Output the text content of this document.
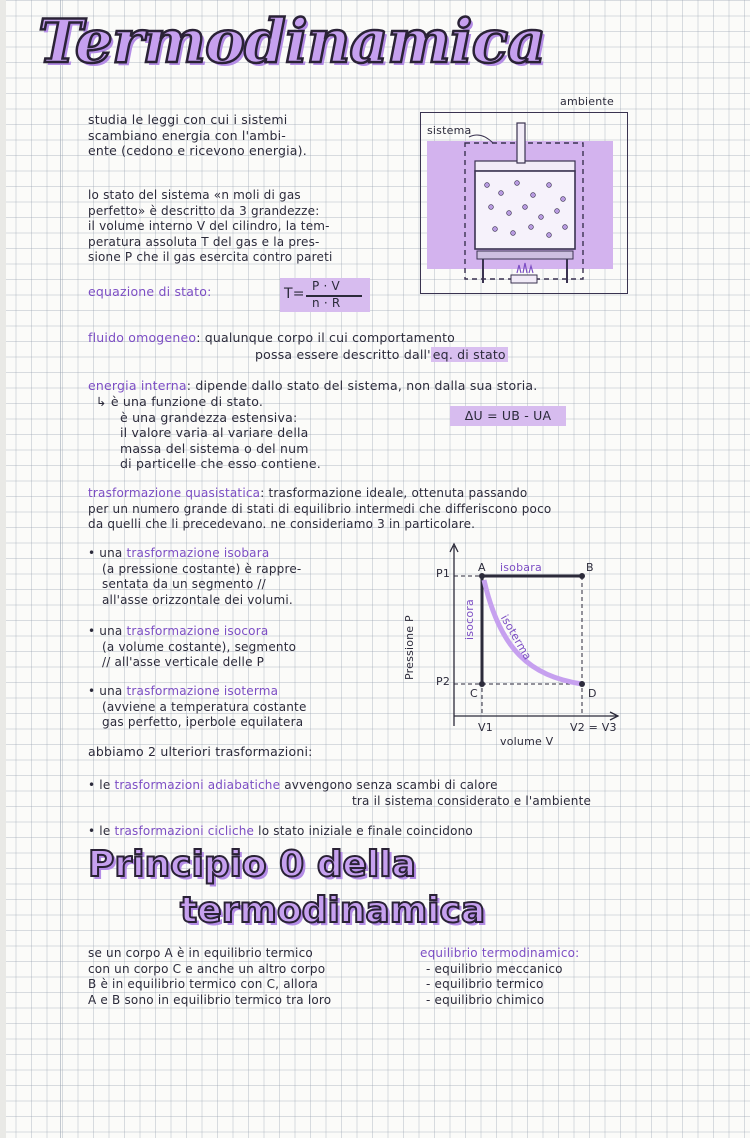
Termodinamica
studia le leggi con cui i sistemi
scambiano energia con l'ambi-
ente (cedono e ricevono energia).
lo stato del sistema «n moli di gas
perfetto» è descritto da 3 grandezze:
il volume interno V del cilindro, la tem-
peratura assoluta T del gas e la pres-
sione P che il gas esercita contro pareti
equazione di stato:	T= P · V
n · R
ambiente
sistema
fluido omogeneo: qualunque corpo il cui comportamento
possa essere descritto dall' eq. di stato
energia interna: dipende dallo stato del sistema, non dalla sua storia.
↳ è una funzione di stato.
è una grandezza estensiva:
il valore varia al variare della
massa del sistema o del num
di particelle che esso contiene.
ΔU = UB - UA
trasformazione quasistatica: trasformazione ideale, ottenuta passando
per un numero grande di stati di equilibrio intermedi che differiscono poco
da quelli che li precedevano. ne consideriamo 3 in particolare.
• una trasformazione isobara
(a pressione costante) è rappre-
sentata da un segmento //
all'asse orizzontale dei volumi.
• una trasformazione isocora
(a volume costante), segmento
// all'asse verticale delle P
• una trasformazione isoterma
(avviene a temperatura costante
gas perfetto, iperbole equilatera
Pressione P
P1
P2
V1	V2 = V3
volume V
A	B
C	D
isobara
isocora isoterma
abbiamo 2 ulteriori trasformazioni:
• le trasformazioni adiabatiche avvengono senza scambi di calore
tra il sistema considerato e l'ambiente
• le trasformazioni cicliche lo stato iniziale e finale coincidono
Principio 0 della
termodinamica
se un corpo A è in equilibrio termico
con un corpo C e anche un altro corpo
B è in equilibrio termico con C, allora
A e B sono in equilibrio termico tra loro
equilibrio termodinamico:
- equilibrio meccanico
- equilibrio termico
- equilibrio chimico
